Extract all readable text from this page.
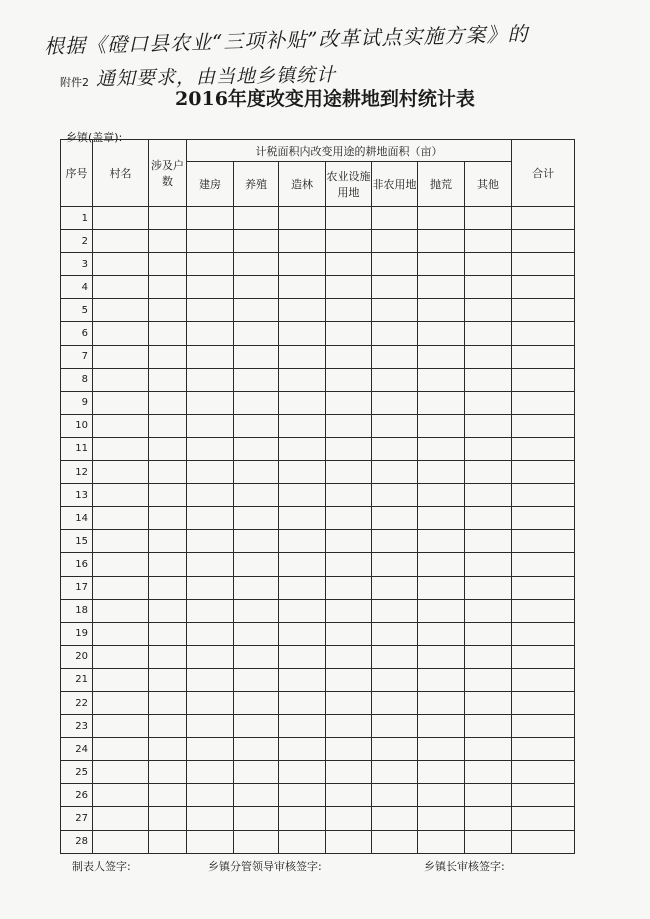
根据《磴口县农业“三项补贴”改革试点实施方案》的
通知要求，由当地乡镇统计
附件2
2016年度改变用途耕地到村统计表
乡镇(盖章):
序号	村名	涉及户数	计税面积内改变用途的耕地面积（亩）							合计
			建房	养殖	造林	农业设施用地	非农用地	抛荒	其他	
1										
2										
3										
4										
5										
6										
7										
8										
9										
10										
11										
12										
13										
14										
15										
16										
17										
18										
19										
20										
21										
22										
23										
24										
25										
26										
27										
28										
制表人签字:	乡镇分管领导审核签字:	乡镇长审核签字:
